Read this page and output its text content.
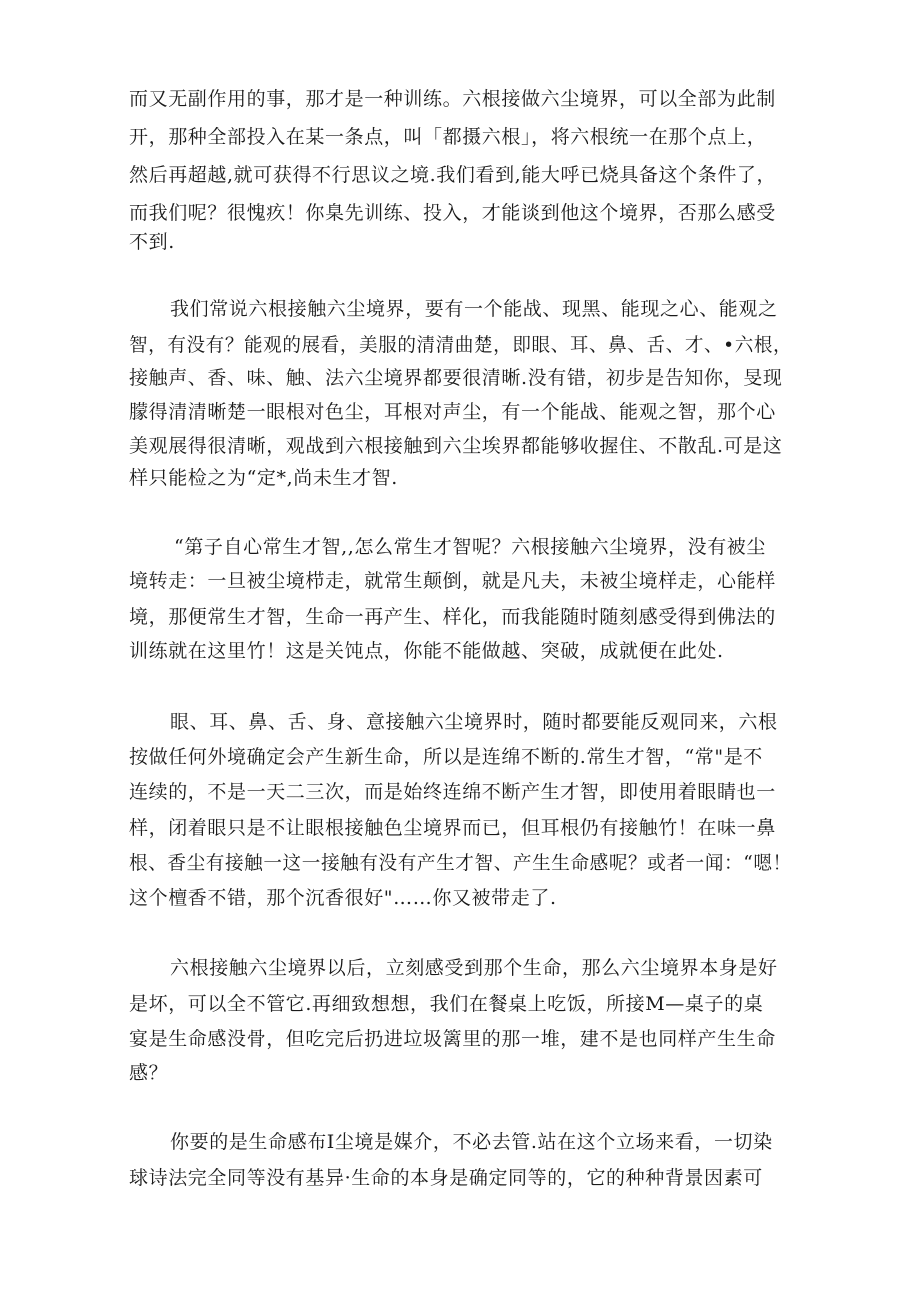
而又无副作用的事，那才是一种训练。六根接做六尘境界，可以全部为此制
开，那种全部投入在某一条点，叫「都摄六根」，将六根统一在那个点上，
然后再超越,就可获得不行思议之境.我们看到,能大呼已烧具备这个条件了，
而我们呢？很愧疚！你臬先训练、投入，才能谈到他这个境界，否那么感受
不到.
我们常说六根接触六尘境界，要有一个能战、现黑、能现之心、能观之
智，有没有？能观的展看，美服的清清曲楚，即眼、耳、鼻、舌、才、•六根，
接触声、香、味、触、法六尘境界都要很清晰.没有错，初步是告知你，旻现
朦得清清晰楚一眼根对色尘，耳根对声尘，有一个能战、能观之智，那个心
美观展得很清晰，观战到六根接触到六尘埃界都能够收握住、不散乱.可是这
样只能检之为“定*,尚未生才智.
“第子自心常生才智,,怎么常生才智呢？六根接触六尘境界，没有被尘
境转走：一旦被尘境栉走，就常生颠倒，就是凡夫，未被尘境样走，心能样
境，那便常生才智，生命一再产生、样化，而我能随时随刻感受得到佛法的
训练就在这里竹！这是关饨点，你能不能做越、突破，成就便在此处.
眼、耳、鼻、舌、身、意接触六尘境界时，随时都要能反观同来，六根
按做任何外境确定会产生新生命，所以是连绵不断的.常生才智，“常"是不
连续的，不是一天二三次，而是始终连绵不断产生才智，即使用着眼睛也一
样，闭着眼只是不让眼根接触色尘境界而已，但耳根仍有接触竹！在味一鼻
根、香尘有接触一这一接触有没有产生才智、产生生命感呢？或者一闻：“嗯！
这个檀香不错，那个沉香很好"……你又被带走了.
六根接触六尘境界以后，立刻感受到那个生命，那么六尘境界本身是好
是坏，可以全不管它.再细致想想，我们在餐桌上吃饭，所接M—桌子的桌
宴是生命感没骨，但吃完后扔进垃圾篱里的那一堆，建不是也同样产生生命
感？
你要的是生命感布I尘境是媒介，不必去管.站在这个立场来看，一切染
球诗法完全同等没有基异·生命的本身是确定同等的，它的种种背景因素可
